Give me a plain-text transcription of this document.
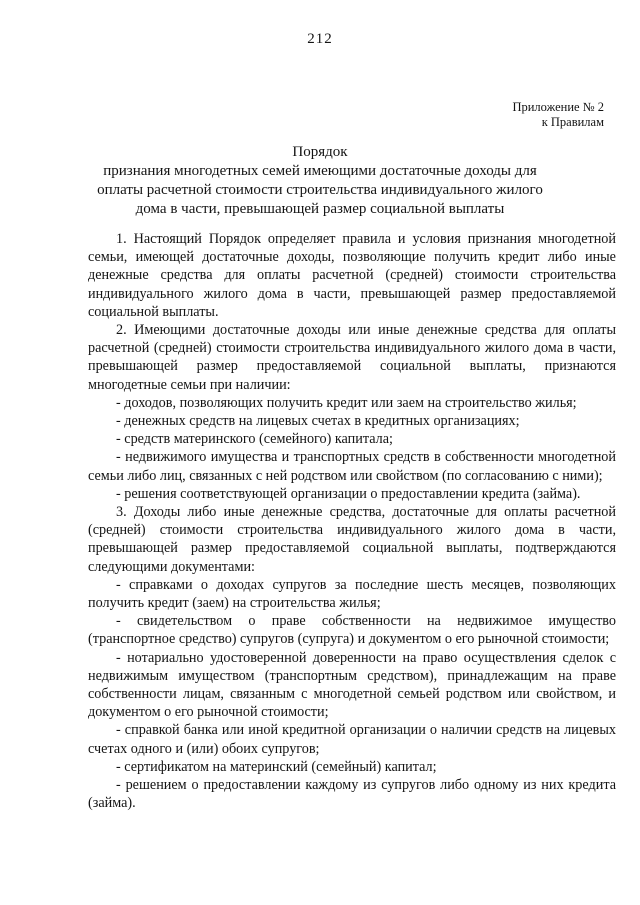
212
Приложение № 2
к Правилам
Порядок
признания многодетных семей имеющими достаточные доходы для оплаты расчетной стоимости строительства индивидуального жилого дома в части, превышающей размер социальной выплаты

1. Настоящий Порядок определяет правила и условия признания многодетной семьи, имеющей достаточные доходы, позволяющие получить кредит либо иные денежные средства для оплаты расчетной (средней) стоимости строительства индивидуального жилого дома в части, превышающей размер предоставляемой социальной выплаты.

2. Имеющими достаточные доходы или иные денежные средства для оплаты расчетной (средней) стоимости строительства индивидуального жилого дома в части, превышающей размер предоставляемой социальной выплаты, признаются многодетные семьи при наличии:

- доходов, позволяющих получить кредит или заем на строительство жилья;

- денежных средств на лицевых счетах в кредитных организациях;

- средств материнского (семейного) капитала;

- недвижимого имущества и транспортных средств в собственности многодетной семьи либо лиц, связанных с ней родством или свойством (по согласованию с ними);

- решения соответствующей организации о предоставлении кредита (займа).

3. Доходы либо иные денежные средства, достаточные для оплаты расчетной (средней) стоимости строительства индивидуального жилого дома в части, превышающей размер предоставляемой социальной выплаты, подтверждаются следующими документами:

- справками о доходах супругов за последние шесть месяцев, позволяющих получить кредит (заем) на строительства жилья;

- свидетельством о праве собственности на недвижимое имущество (транспортное средство) супругов (супруга) и документом о его рыночной стоимости;

- нотариально удостоверенной доверенности на право осуществления сделок с недвижимым имуществом (транспортным средством), принадлежащим на праве собственности лицам, связанным с многодетной семьей родством или свойством, и документом о его рыночной стоимости;

- справкой банка или иной кредитной организации о наличии средств на лицевых счетах одного и (или) обоих супругов;

- сертификатом на материнский (семейный) капитал;

- решением о предоставлении каждому из супругов либо одному из них кредита (займа).
